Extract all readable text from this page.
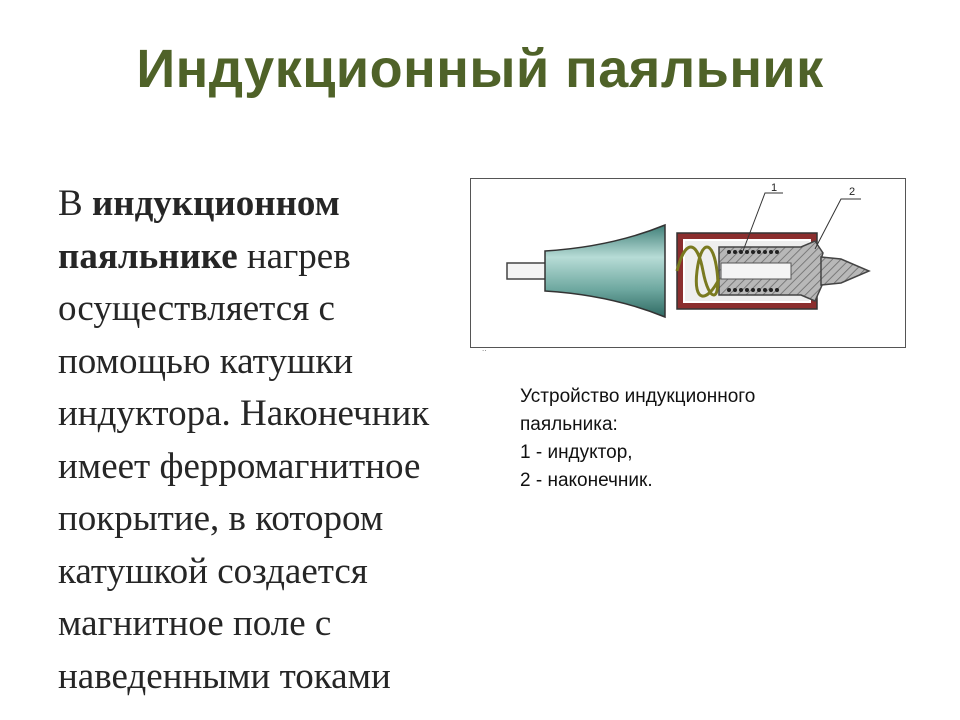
Индукционный паяльник

В индукционном паяльнике нагрев осуществляется с помощью катушки индуктора. Наконечник имеет ферромагнитное покрытие, в котором катушкой создается магнитное поле с наведенными токами

1	2
..
Устройство индукционного
паяльника:
1 - индуктор,
2 - наконечник.
